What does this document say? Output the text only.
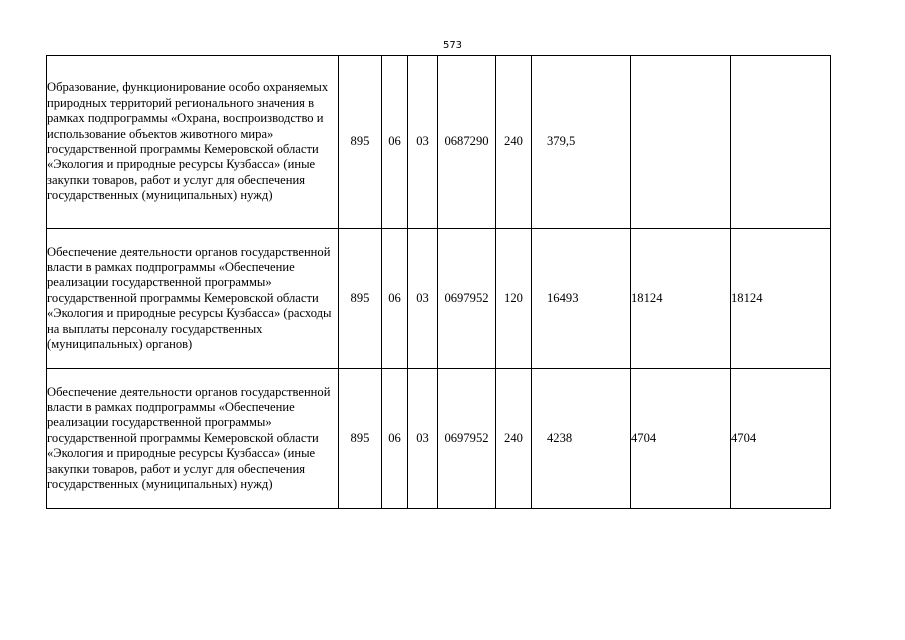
573
Образование, функционирование особо охраняемых природных территорий регионального значения в рамках подпрограммы «Охрана, воспроизводство и использование объектов животного мира» государственной программы Кемеровской области «Экология и природные ресурсы Кузбасса» (иные закупки товаров, работ и услуг для обеспечения государственных (муниципальных) нужд)	895	06	03	0687290	240	379,5		
Обеспечение деятельности органов государственной власти в рамках подпрограммы «Обеспечение реализации государственной программы» государственной программы Кемеровской области «Экология и природные ресурсы Кузбасса» (расходы на выплаты персоналу государственных (муниципальных) органов)	895	06	03	0697952	120	16493	18124	18124
Обеспечение деятельности органов государственной власти в рамках подпрограммы «Обеспечение реализации государственной программы» государственной программы Кемеровской области «Экология и природные ресурсы Кузбасса» (иные закупки товаров, работ и услуг для обеспечения государственных (муниципальных) нужд)	895	06	03	0697952	240	4238	4704	4704
